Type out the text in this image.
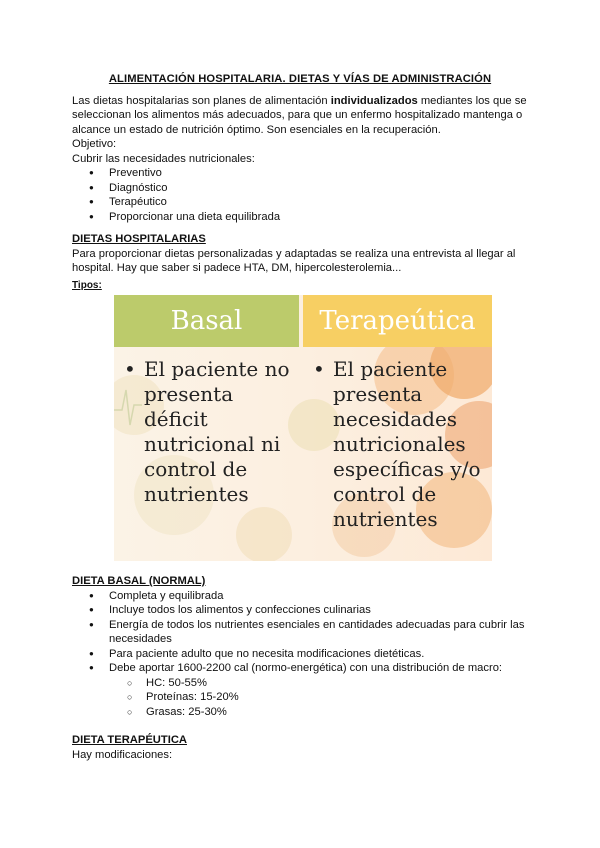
ALIMENTACIÓN HOSPITALARIA. DIETAS Y VÍAS DE ADMINISTRACIÓN

Las dietas hospitalarias son planes de alimentación individualizados mediantes los que se seleccionan los alimentos más adecuados, para que un enfermo hospitalizado mantenga o alcance un estado de nutrición óptimo. Son esenciales en la recuperación.

Objetivo:

Cubrir las necesidades nutricionales:

● Preventivo
● Diagnóstico
● Terapéutico
● Proporcionar una dieta equilibrada

DIETAS HOSPITALARIAS

Para proporcionar dietas personalizadas y adaptadas se realiza una entrevista al llegar al hospital. Hay que saber si padece HTA, DM, hipercolesterolemia...

Tipos:

Basal	Terapeútica
• El paciente no presenta déficit nutricional ni control de nutrientes
• El paciente presenta necesidades nutricionales específicas y/o control de nutrientes

DIETA BASAL (NORMAL)

● Completa y equilibrada
● Incluye todos los alimentos y confecciones culinarias
● Energía de todos los nutrientes esenciales en cantidades adecuadas para cubrir las necesidades
● Para paciente adulto que no necesita modificaciones dietéticas.
● Debe aportar 1600-2200 cal (normo-energética) con una distribución de macro:
○ HC: 50-55%
○ Proteínas: 15-20%
○ Grasas: 25-30%

DIETA TERAPÉUTICA

Hay modificaciones:
